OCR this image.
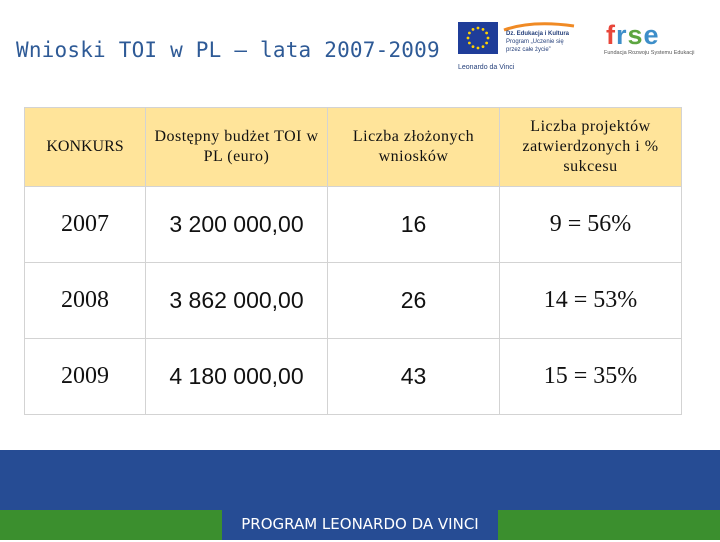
Wnioski TOI w PL – lata 2007-2009
Dz. Edukacja i Kultura
Program „Uczenie się przez całe życie”
Leonardo da Vinci
frse
Fundacja Rozwoju Systemu Edukacji
KONKURS	Dostępny budżet TOI w PL (euro)	Liczba złożonych wniosków	Liczba projektów zatwierdzonych i % sukcesu
2007	3 200 000,00	16	9 = 56%
2008	3 862 000,00	26	14 = 53%
2009	4 180 000,00	43	15 = 35%
PROGRAM LEONARDO DA VINCI
